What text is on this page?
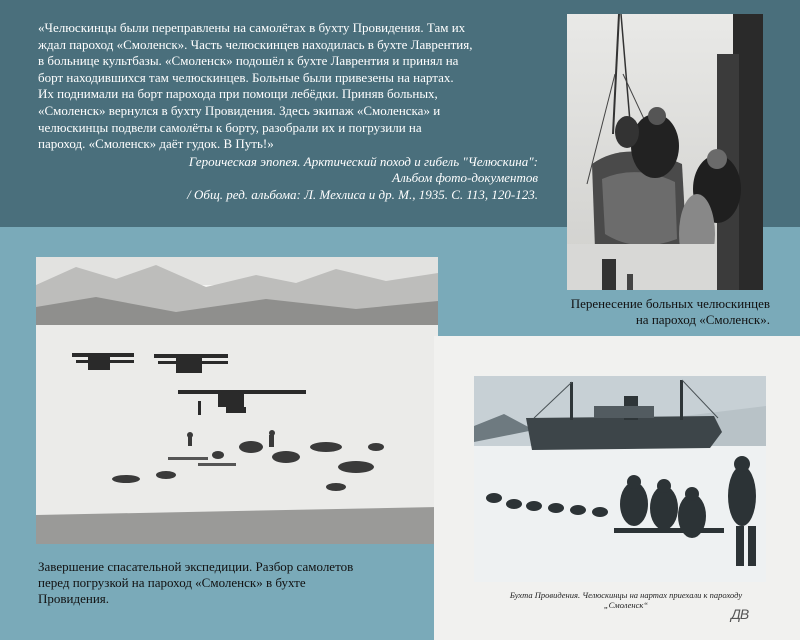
«Челюскинцы были переправлены на самолётах в бухту Провидения. Там их

ждал пароход «Смоленск». Часть челюскинцев находилась в бухте Лаврентия,

в больнице культбазы. «Смоленск» подошёл к бухте Лаврентия и принял на

борт находившихся там челюскинцев. Больные были привезены на нартах.

Их поднимали на борт парохода при помощи лебёдки. Приняв больных,

«Смоленск» вернулся в бухту Провидения. Здесь экипаж «Смоленска» и

челюскинцы подвели самолёты к борту, разобрали их и погрузили на

пароход. «Смоленск» даёт гудок. В Путь!»

Героическая эпопея. Арктический поход и гибель "Челюскина":

Альбом фото-документов

/ Общ. ред. альбома: Л. Мехлиса и др. М., 1935. С. 113, 120-123.

Перенесение больных челюскинцев
на пароход «Смоленск».
Завершение спасательной экспедиции. Разбор самолетов
перед погрузкой на пароход «Смоленск» в бухте
Провидения.	Бухта Провидения. Челюскинцы на нартах приехали к пароходу
„Смоленск“
ДВ
